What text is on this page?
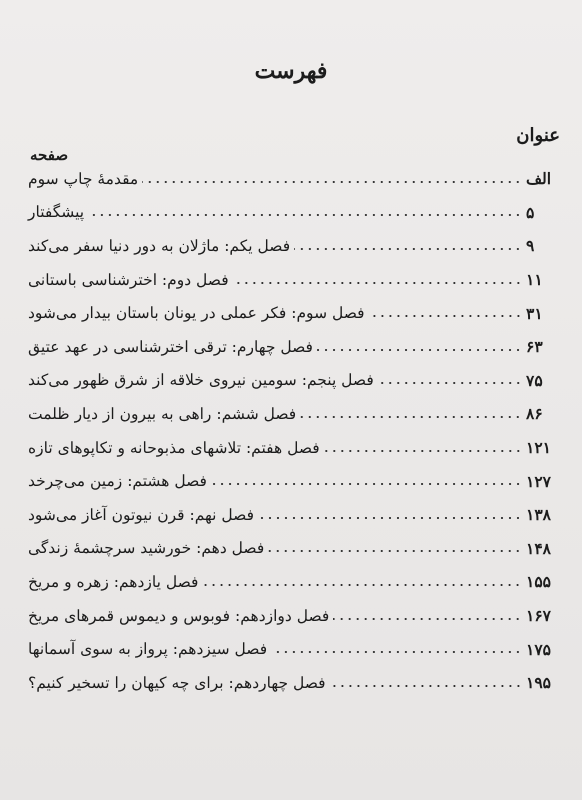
فهرست
عنوان
صفحه
مقدمهٔ چاپ سوم	الف
پیشگفتار	۵
فصل یکم: ماژلان به دور دنیا سفر می‌کند	۹
فصل دوم: اخترشناسی باستانی	۱۱
فصل سوم: فکر عملی در یونان باستان بیدار می‌شود	۳۱
فصل چهارم: ترقی اخترشناسی در عهد عتیق	۶۳
فصل پنجم: سومین نیروی خلاقه از شرق ظهور می‌کند	۷۵
فصل ششم: راهی به بیرون از دیار ظلمت	۸۶
فصل هفتم: تلاشهای مذبوحانه و تکاپوهای تازه	۱۲۱
فصل هشتم: زمین می‌چرخد	۱۲۷
فصل نهم: قرن نیوتون آغاز می‌شود	۱۳۸
فصل دهم: خورشید سرچشمهٔ زندگی	۱۴۸
فصل یازدهم: زهره و مریخ	۱۵۵
فصل دوازدهم: فوبوس و دیموس قمرهای مریخ	۱۶۷
فصل سیزدهم: پرواز به سوی آسمانها	۱۷۵
فصل چهاردهم: برای چه کیهان را تسخیر کنیم؟	۱۹۵
